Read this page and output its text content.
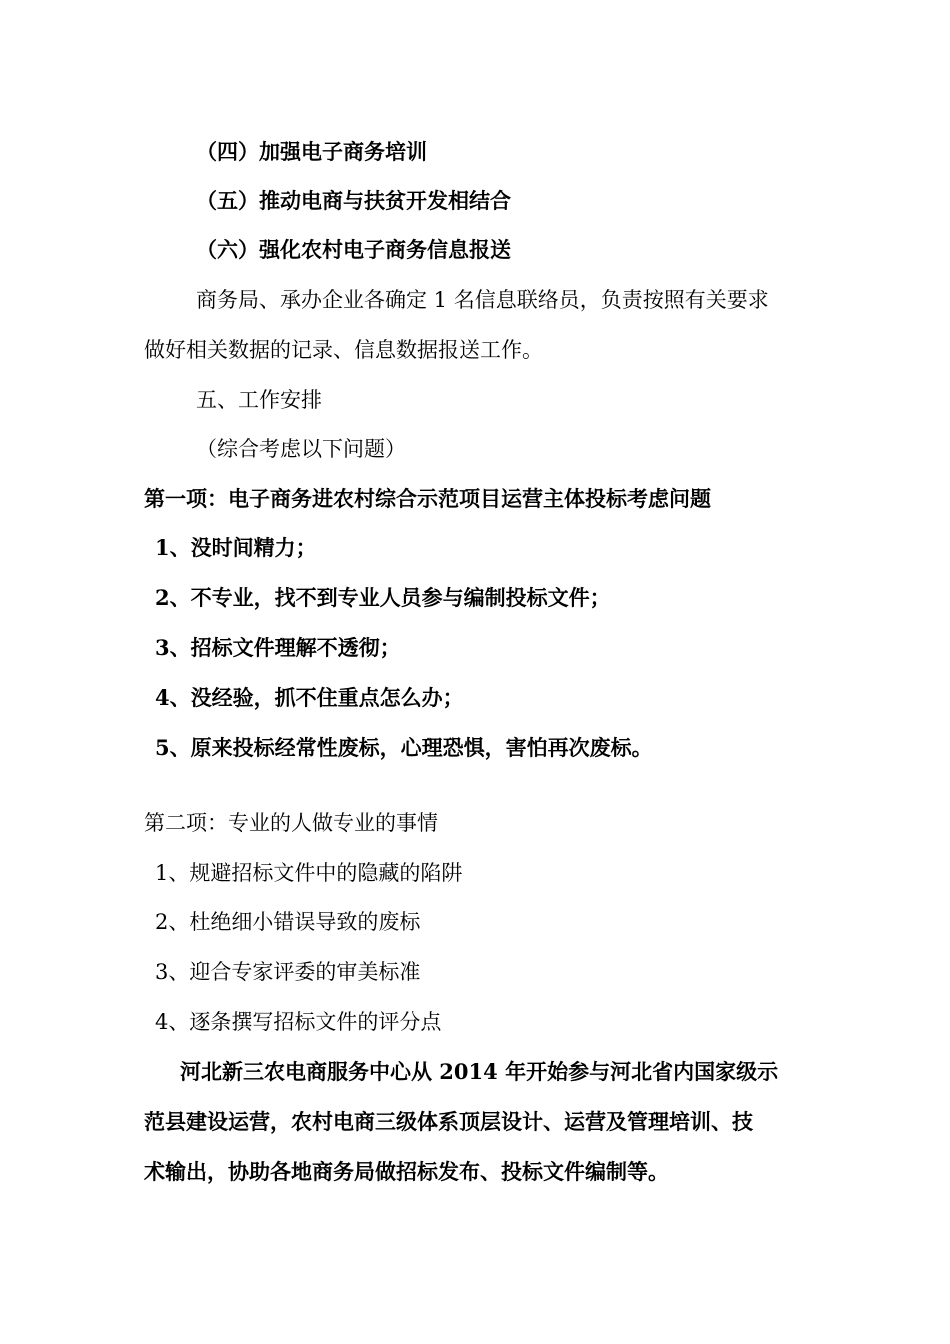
（四）加强电子商务培训
（五）推动电商与扶贫开发相结合
（六）强化农村电子商务信息报送
商务局、承办企业各确定 1 名信息联络员，负责按照有关要求
做好相关数据的记录、信息数据报送工作。
五、工作安排
（综合考虑以下问题）
第一项：电子商务进农村综合示范项目运营主体投标考虑问题
1、没时间精力；
2、不专业，找不到专业人员参与编制投标文件；
3、招标文件理解不透彻；
4、没经验，抓不住重点怎么办；
5、原来投标经常性废标，心理恐惧，害怕再次废标。
第二项：专业的人做专业的事情
1、规避招标文件中的隐藏的陷阱
2、杜绝细小错误导致的废标
3、迎合专家评委的审美标准
4、逐条撰写招标文件的评分点
河北新三农电商服务中心从 2014 年开始参与河北省内国家级示
范县建设运营，农村电商三级体系顶层设计、运营及管理培训、技
术输出，协助各地商务局做招标发布、投标文件编制等。
